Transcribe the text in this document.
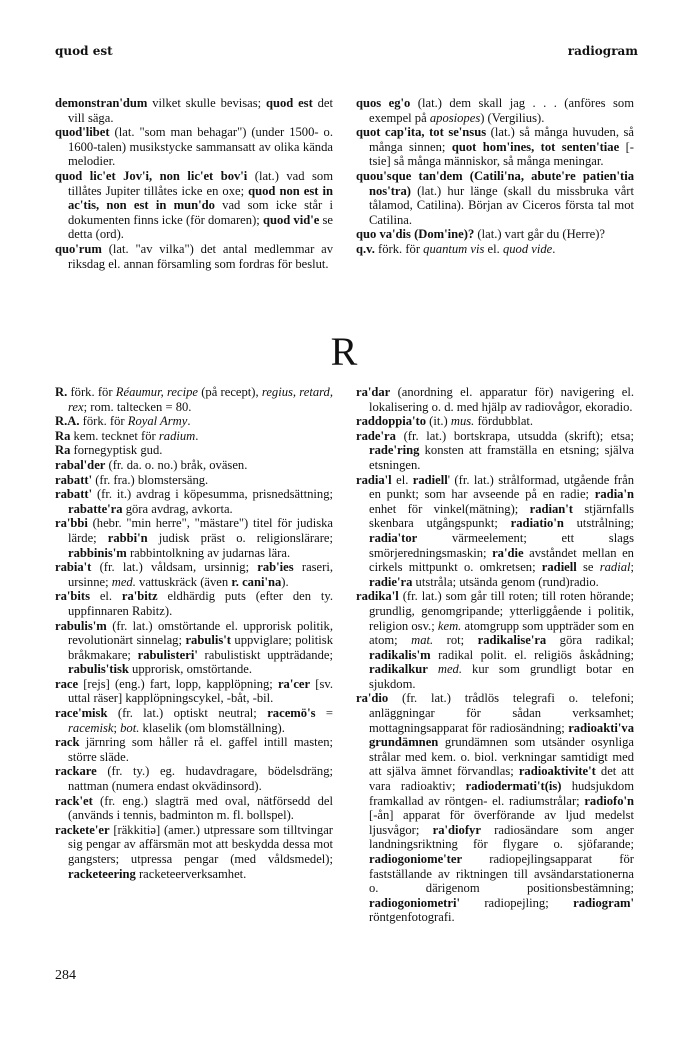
quod est	radiogram
demonstran'dum vilket skulle bevisas; quod est det vill säga.
quod'libet (lat. "som man behagar") (under 1500- o. 1600-talen) musikstycke sammansatt av olika kända melodier.
quod lic'et Jov'i, non lic'et bov'i (lat.) vad som tillåtes Jupiter tillåtes icke en oxe; quod non est in ac'tis, non est in mun'do vad som icke står i dokumenten finns icke (för domaren); quod vid'e se detta (ord).
quo'rum (lat. "av vilka") det antal medlemmar av riksdag el. annan församling som fordras för beslut.
quos eg'o (lat.) dem skall jag . . . (anföres som exempel på aposiopes) (Vergilius).
quot cap'ita, tot se'nsus (lat.) så många huvuden, så många sinnen; quot hom'ines, tot senten'tiae [-tsie] så många människor, så många meningar.
quou'sque tan'dem (Catili'na, abute're patien'tia nos'tra) (lat.) hur länge (skall du missbruka vårt tålamod, Catilina). Början av Ciceros första tal mot Catilina.
quo va'dis (Dom'ine)? (lat.) vart går du (Herre)?
q.v. förk. för quantum vis el. quod vide.
R
R. förk. för Réaumur, recipe (på recept), regius, retard, rex; rom. taltecken = 80.
R.A. förk. för Royal Army.
Ra kem. tecknet för radium.
Ra fornegyptisk gud.
rabal'der (fr. da. o. no.) bråk, oväsen.
rabatt' (fr. fra.) blomstersäng.
rabatt' (fr. it.) avdrag i köpesumma, prisnedsättning; rabatte'ra göra avdrag, avkorta.
ra'bbi (hebr. "min herre", "mästare") titel för judiska lärde; rabbi'n judisk präst o. religionslärare; rabbinis'm rabbintolkning av judarnas lära.
rabia't (fr. lat.) våldsam, ursinnig; rab'ies raseri, ursinne; med. vattuskräck (även r. cani'na).
ra'bits el. ra'bitz eldhärdig puts (efter den ty. uppfinnaren Rabitz).
rabulis'm (fr. lat.) omstörtande el. upprorisk politik, revolutionärt sinnelag; rabulis't uppviglare; politisk bråkmakare; rabulisteri' rabulistiskt uppträdande; rabulis'tisk upprorisk, omstörtande.
race [rejs] (eng.) fart, lopp, kapplöpning; ra'cer [sv. uttal räser] kapplöpningscykel, -båt, -bil.
race'misk (fr. lat.) optiskt neutral; racemö's = racemisk; bot. klaselik (om blomställning).
rack järnring som håller rå el. gaffel intill masten; större släde.
rackare (fr. ty.) eg. hudavdragare, bödelsdräng; nattman (numera endast okvädinsord).
rack'et (fr. eng.) slagträ med oval, nätförsedd del (används i tennis, badminton m. fl. bollspel).
rackete'er [räkkitiə] (amer.) utpressare som tilltvingar sig pengar av affärsmän mot att beskydda dessa mot gangsters; utpressa pengar (med våldsmedel); racketeering racketeerverksamhet.
ra'dar (anordning el. apparatur för) navigering el. lokalisering o. d. med hjälp av radiovågor, ekoradio.
raddoppia'to (it.) mus. fördubblat.
rade'ra (fr. lat.) bortskrapa, utsudda (skrift); etsa; rade'ring konsten att framställa en etsning; själva etsningen.
radia'l el. radiell' (fr. lat.) strålformad, utgående från en punkt; som har avseende på en radie; radia'n enhet för vinkel(mätning); radian't stjärnfalls skenbara utgångspunkt; radiatio'n utstrålning; radia'tor värmeelement; ett slags smörjeredningsmaskin; ra'die avståndet mellan en cirkels mittpunkt o. omkretsen; radiell se radial; radie'ra utstråla; utsända genom (rund)radio.
radika'l (fr. lat.) som går till roten; till roten hörande; grundlig, genomgripande; ytterliggående i politik, religion osv.; kem. atomgrupp som uppträder som en atom; mat. rot; radikalise'ra göra radikal; radikalis'm radikal polit. el. religiös åskådning; radikalkur med. kur som grundligt botar en sjukdom.
ra'dio (fr. lat.) trådlös telegrafi o. telefoni; anläggningar för sådan verksamhet; mottagningsapparat för radiosändning; radioakti'va grundämnen grundämnen som utsänder osynliga strålar med kem. o. biol. verkningar samtidigt med att själva ämnet förvandlas; radioaktivite't det att vara radioaktiv; radiodermati't(is) hudsjukdom framkallad av röntgen- el. radiumstrålar; radiofo'n [-ån] apparat för överförande av ljud medelst ljusvågor; ra'diofyr radiosändare som anger landningsriktning för flygare o. sjöfarande; radiogoniome'ter radiopejlingsapparat för fastställande av riktningen till avsändarstationerna o. därigenom positionsbestämning; radiogoniometri' radiopejling; radiogram' röntgenfotografi.
284
